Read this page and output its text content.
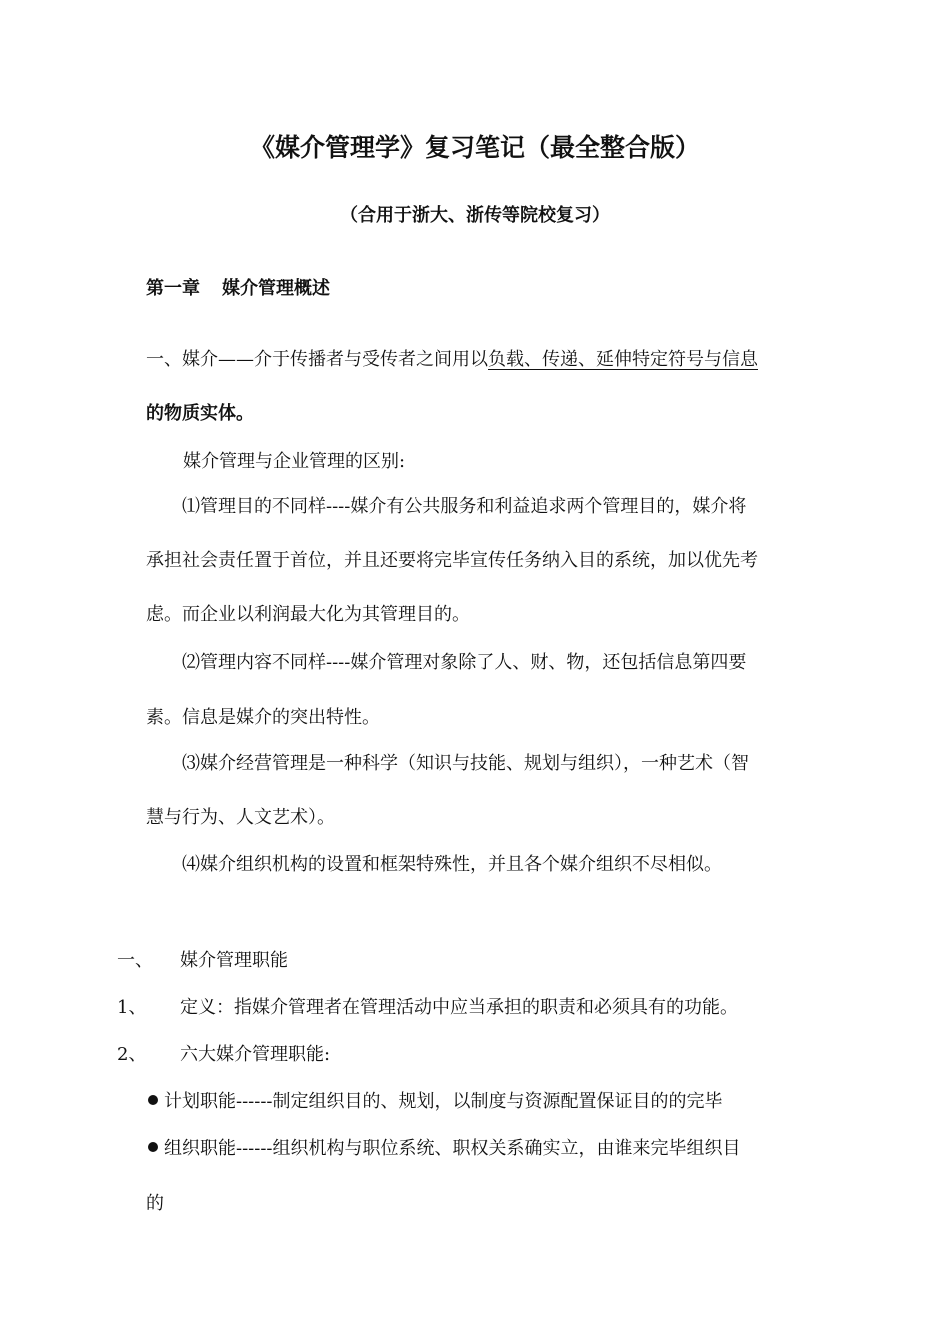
《媒介管理学》复习笔记（最全整合版）
（合用于浙大、浙传等院校复习）
第一章 媒介管理概述
一、媒介——介于传播者与受传者之间用以负载、传递、延伸特定符号与信息
的物质实体。
媒介管理与企业管理的区别:
⑴管理目的不同样----媒介有公共服务和利益追求两个管理目的，媒介将
承担社会责任置于首位，并且还要将完毕宣传任务纳入目的系统，加以优先考
虑。而企业以利润最大化为其管理目的。
⑵管理内容不同样----媒介管理对象除了人、财、物，还包括信息第四要
素。信息是媒介的突出特性。
⑶媒介经营管理是一种科学（知识与技能、规划与组织），一种艺术（智
慧与行为、人文艺术）。
⑷媒介组织机构的设置和框架特殊性，并且各个媒介组织不尽相似。
一、 媒介管理职能
1、 定义：指媒介管理者在管理活动中应当承担的职责和必须具有的功能。
2、 六大媒介管理职能:
计划职能------制定组织目的、规划，以制度与资源配置保证目的的完毕
组织职能------组织机构与职位系统、职权关系确实立，由谁来完毕组织目
的
